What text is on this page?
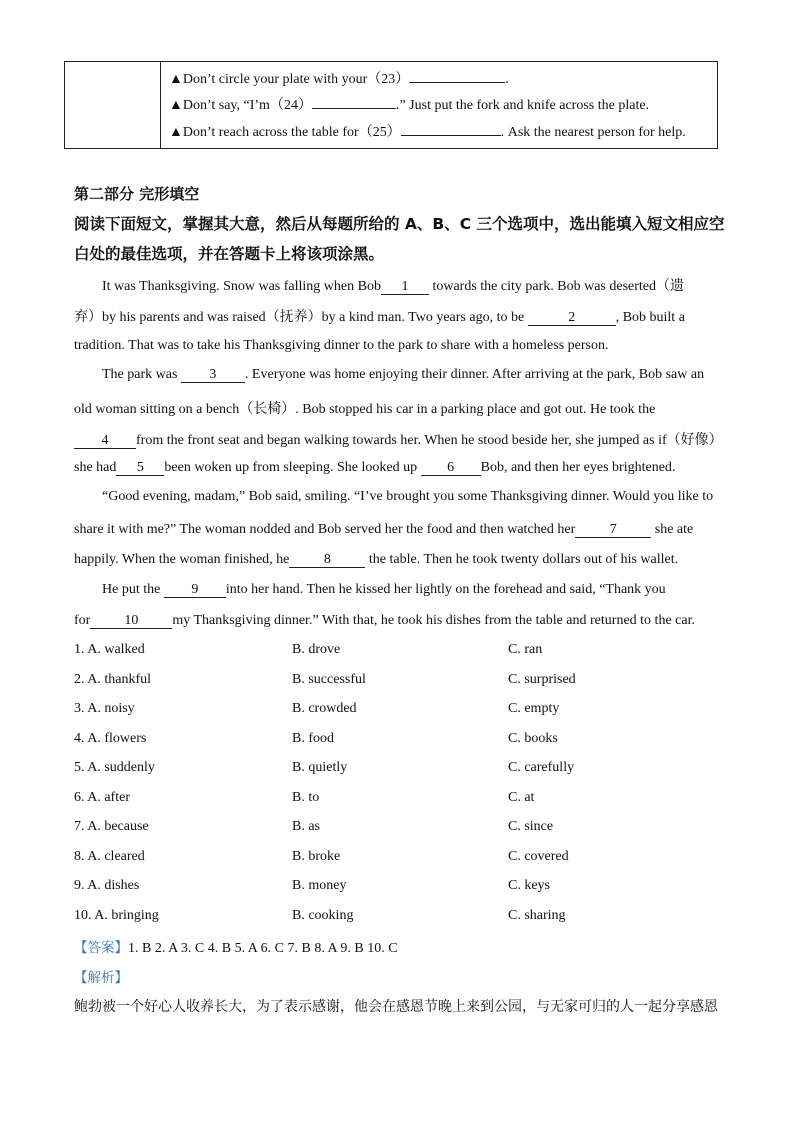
▲Don’t circle your plate with your（23）	.
▲Don’t say, “I’m（24）	.” Just put the fork and knife across the plate.
▲Don’t reach across the table for（25）	. Ask the nearest person for help.
第二部分 完形填空
阅读下面短文，掌握其大意，然后从每题所给的 A、B、C 三个选项中，选出能填入短文相应空
白处的最佳选项，并在答题卡上将该项涂黑。
It was Thanksgiving. Snow was falling when Bob 1 towards the city park. Bob was deserted（遗
弃）by his parents and was raised（抚养）by a kind man. Two years ago, to be	2	, Bob built a
tradition. That was to take his Thanksgiving dinner to the park to share with a homeless person.
The park was 3 . Everyone was home enjoying their dinner. After arriving at the park, Bob saw an
old woman sitting on a bench（长椅）. Bob stopped his car in a parking place and got out. He took the
4 from the front seat and began walking towards her. When he stood beside her, she jumped as if（好像）
she had 5 been woken up from sleeping. She looked up 6 Bob, and then her eyes brightened.
“Good evening, madam,” Bob said, smiling. “I’ve brought you some Thanksgiving dinner. Would you like to
share it with me?” The woman nodded and Bob served her the food and then watched her 7 she ate
happily. When the woman finished, he 8 the table. Then he took twenty dollars out of his wallet.
He put the 9 into her hand. Then he kissed her lightly on the forehead and said, “Thank you
for 10 my Thanksgiving dinner.” With that, he took his dishes from the table and returned to the car.
1. A. walked	B. drove	C. ran
2. A. thankful	B. successful	C. surprised
3. A. noisy	B. crowded	C. empty
4. A. flowers	B. food	C. books
5. A. suddenly	B. quietly	C. carefully
6. A. after	B. to	C. at
7. A. because	B. as	C. since
8. A. cleared	B. broke	C. covered
9. A. dishes	B. money	C. keys
10. A. bringing	B. cooking	C. sharing
【答案】1. B 2. A 3. C 4. B 5. A 6. C 7. B 8. A 9. B 10. C
【解析】
鲍勃被一个好心人收养长大，为了表示感谢，他会在感恩节晚上来到公园，与无家可归的人一起分享感恩
